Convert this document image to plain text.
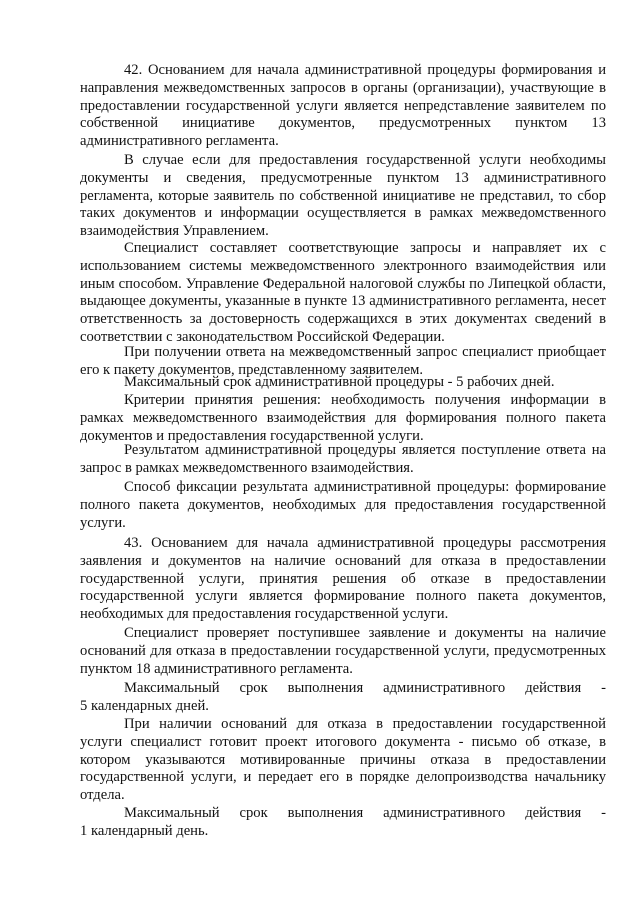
42. Основанием для начала административной процедуры формирования и направления межведомственных запросов в органы (организации), участвующие в предоставлении государственной услуги является непредставление заявителем по собственной инициативе документов, предусмотренных пунктом 13 административного регламента.

В случае если для предоставления государственной услуги необходимы документы и сведения, предусмотренные пунктом 13 административного регламента, которые заявитель по собственной инициативе не представил, то сбор таких документов и информации осуществляется в рамках межведомственного взаимодействия Управлением.

Специалист составляет соответствующие запросы и направляет их с использованием системы межведомственного электронного взаимодействия или иным способом. Управление Федеральной налоговой службы по Липецкой области, выдающее документы, указанные в пункте 13 административного регламента, несет ответственность за достоверность содержащихся в этих документах сведений в соответствии с законодательством Российской Федерации.

При получении ответа на межведомственный запрос специалист приобщает его к пакету документов, представленному заявителем.

Максимальный срок административной процедуры - 5 рабочих дней.

Критерии принятия решения: необходимость получения информации в рамках межведомственного взаимодействия для формирования полного пакета документов и предоставления государственной услуги.

Результатом административной процедуры является поступление ответа на запрос в рамках межведомственного взаимодействия.

Способ фиксации результата административной процедуры: формирование полного пакета документов, необходимых для предоставления государственной услуги.

43. Основанием для начала административной процедуры рассмотрения заявления и документов на наличие оснований для отказа в предоставлении государственной услуги, принятия решения об отказе в предоставлении государственной услуги является формирование полного пакета документов, необходимых для предоставления государственной услуги.

Специалист проверяет поступившее заявление и документы на наличие оснований для отказа в предоставлении государственной услуги, предусмотренных пунктом 18 административного регламента.

Максимальный срок выполнения административного действия -
5 календарных дней.

При наличии оснований для отказа в предоставлении государственной услуги специалист готовит проект итогового документа - письмо об отказе, в котором указываются мотивированные причины отказа в предоставлении государственной услуги, и передает его в порядке делопроизводства начальнику отдела.

Максимальный срок выполнения административного действия -
1 календарный день.
